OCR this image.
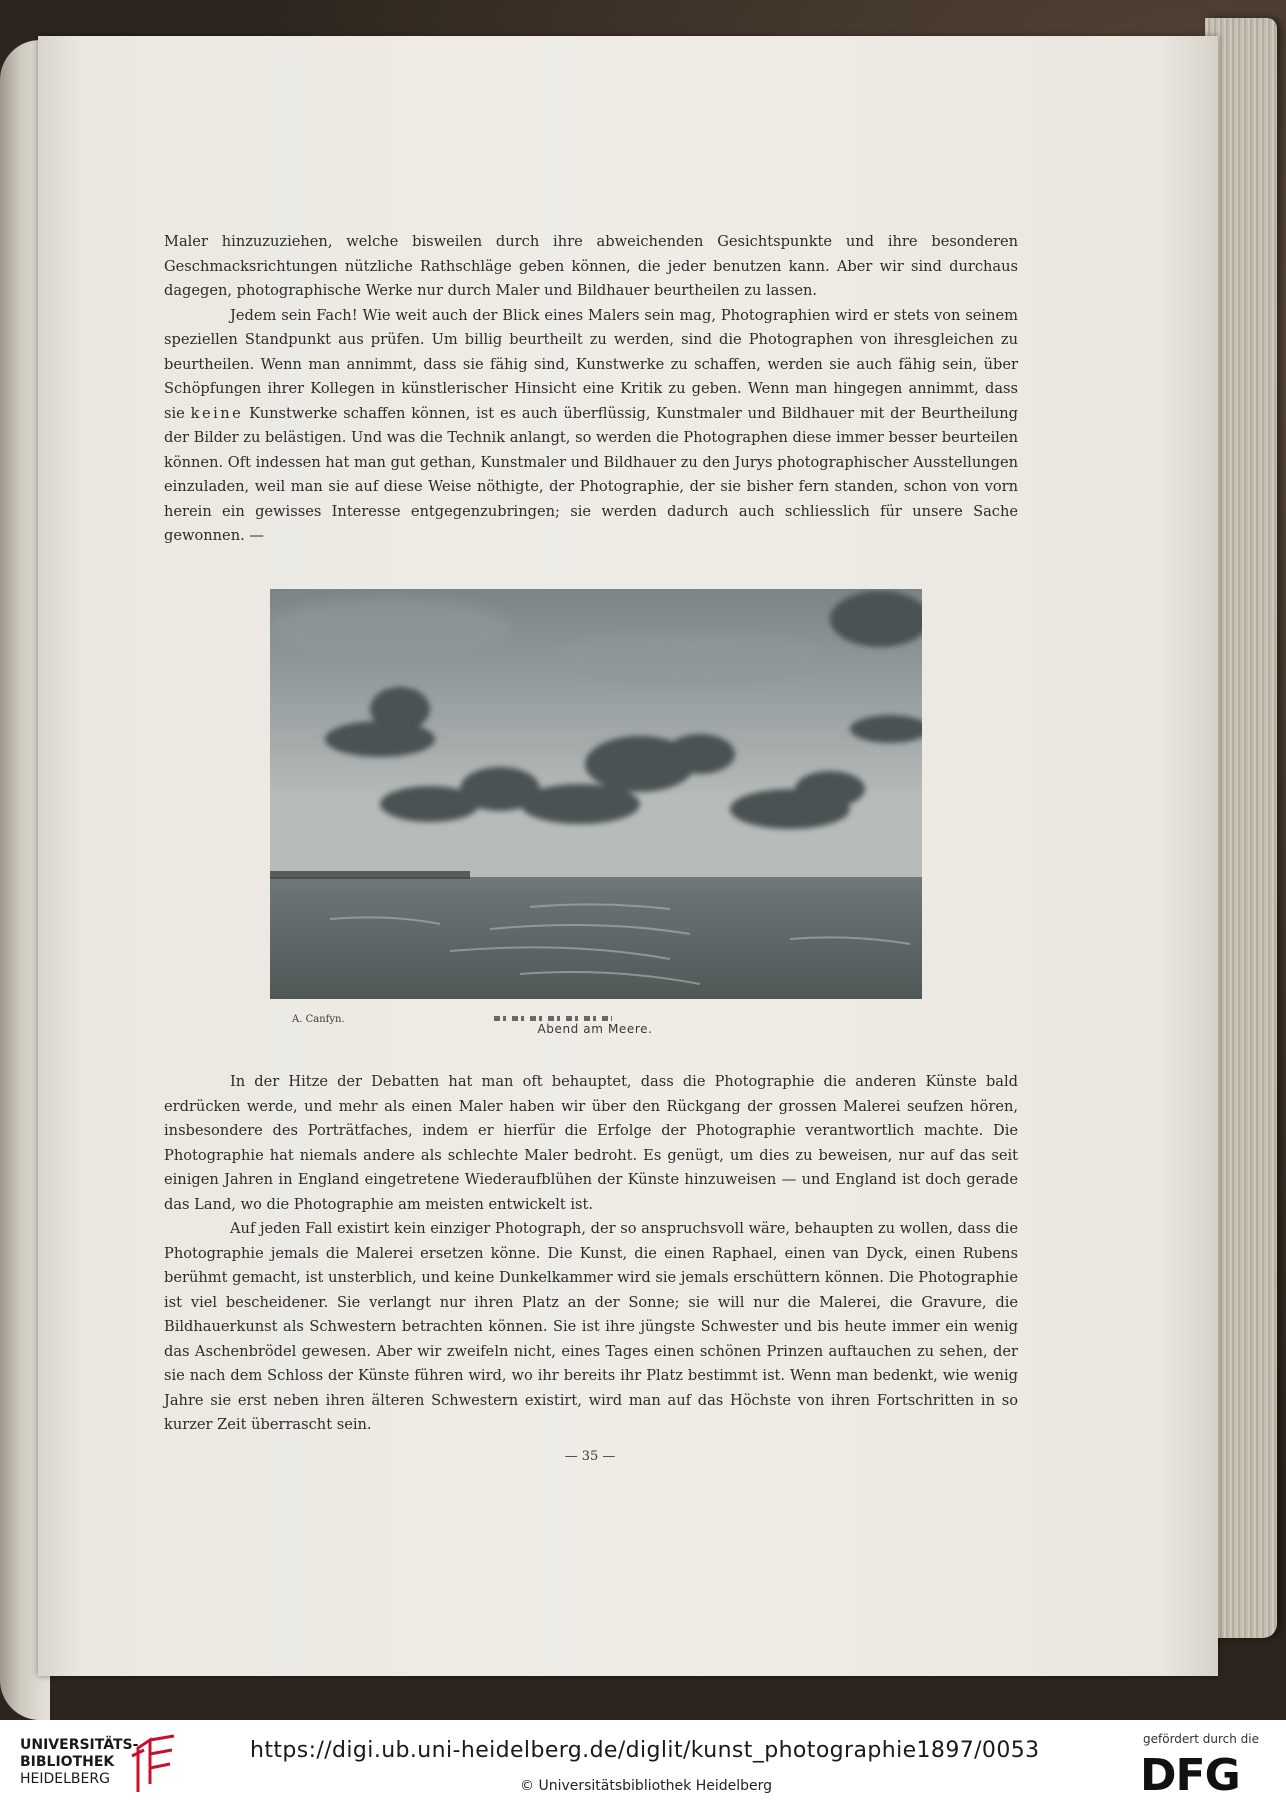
Maler hinzuzuziehen, welche bisweilen durch ihre abweichenden Gesichtspunkte und ihre besonderen Geschmacksrichtungen nützliche Rathschläge geben können, die jeder benutzen kann. Aber wir sind durchaus dagegen, photographische Werke nur durch Maler und Bildhauer beurtheilen zu lassen.

Jedem sein Fach! Wie weit auch der Blick eines Malers sein mag, Photographien wird er stets von seinem speziellen Standpunkt aus prüfen. Um billig beurtheilt zu werden, sind die Photographen von ihresgleichen zu beurtheilen. Wenn man annimmt, dass sie fähig sind, Kunstwerke zu schaffen, werden sie auch fähig sein, über Schöpfungen ihrer Kollegen in künstlerischer Hinsicht eine Kritik zu geben. Wenn man hingegen annimmt, dass sie keine Kunstwerke schaffen können, ist es auch überflüssig, Kunstmaler und Bildhauer mit der Beurtheilung der Bilder zu belästigen. Und was die Technik anlangt, so werden die Photographen diese immer besser beurteilen können. Oft indessen hat man gut gethan, Kunstmaler und Bildhauer zu den Jurys photographischer Ausstellungen einzuladen, weil man sie auf diese Weise nöthigte, der Photographie, der sie bisher fern standen, schon von vorn herein ein gewisses Interesse entgegenzubringen; sie werden dadurch auch schliesslich für unsere Sache gewonnen. —

A. Canfyn.
Abend am Meere.

In der Hitze der Debatten hat man oft behauptet, dass die Photographie die anderen Künste bald erdrücken werde, und mehr als einen Maler haben wir über den Rückgang der grossen Malerei seufzen hören, insbesondere des Porträtfaches, indem er hierfür die Erfolge der Photographie verantwortlich machte. Die Photographie hat niemals andere als schlechte Maler bedroht. Es genügt, um dies zu beweisen, nur auf das seit einigen Jahren in England eingetretene Wiederaufblühen der Künste hinzuweisen — und England ist doch gerade das Land, wo die Photographie am meisten entwickelt ist.

Auf jeden Fall existirt kein einziger Photograph, der so anspruchsvoll wäre, behaupten zu wollen, dass die Photographie jemals die Malerei ersetzen könne. Die Kunst, die einen Raphael, einen van Dyck, einen Rubens berühmt gemacht, ist unsterblich, und keine Dunkelkammer wird sie jemals erschüttern können. Die Photographie ist viel bescheidener. Sie verlangt nur ihren Platz an der Sonne; sie will nur die Malerei, die Gravure, die Bildhauerkunst als Schwestern betrachten können. Sie ist ihre jüngste Schwester und bis heute immer ein wenig das Aschenbrödel gewesen. Aber wir zweifeln nicht, eines Tages einen schönen Prinzen auftauchen zu sehen, der sie nach dem Schloss der Künste führen wird, wo ihr bereits ihr Platz bestimmt ist. Wenn man bedenkt, wie wenig Jahre sie erst neben ihren älteren Schwestern existirt, wird man auf das Höchste von ihren Fortschritten in so kurzer Zeit überrascht sein.

— 35 —
UNIVERSITÄTS-
BIBLIOTHEK
HEIDELBERG
https://digi.ub.uni-heidelberg.de/diglit/kunst_photographie1897/0053
© Universitätsbibliothek Heidelberg
gefördert durch die
DFG
